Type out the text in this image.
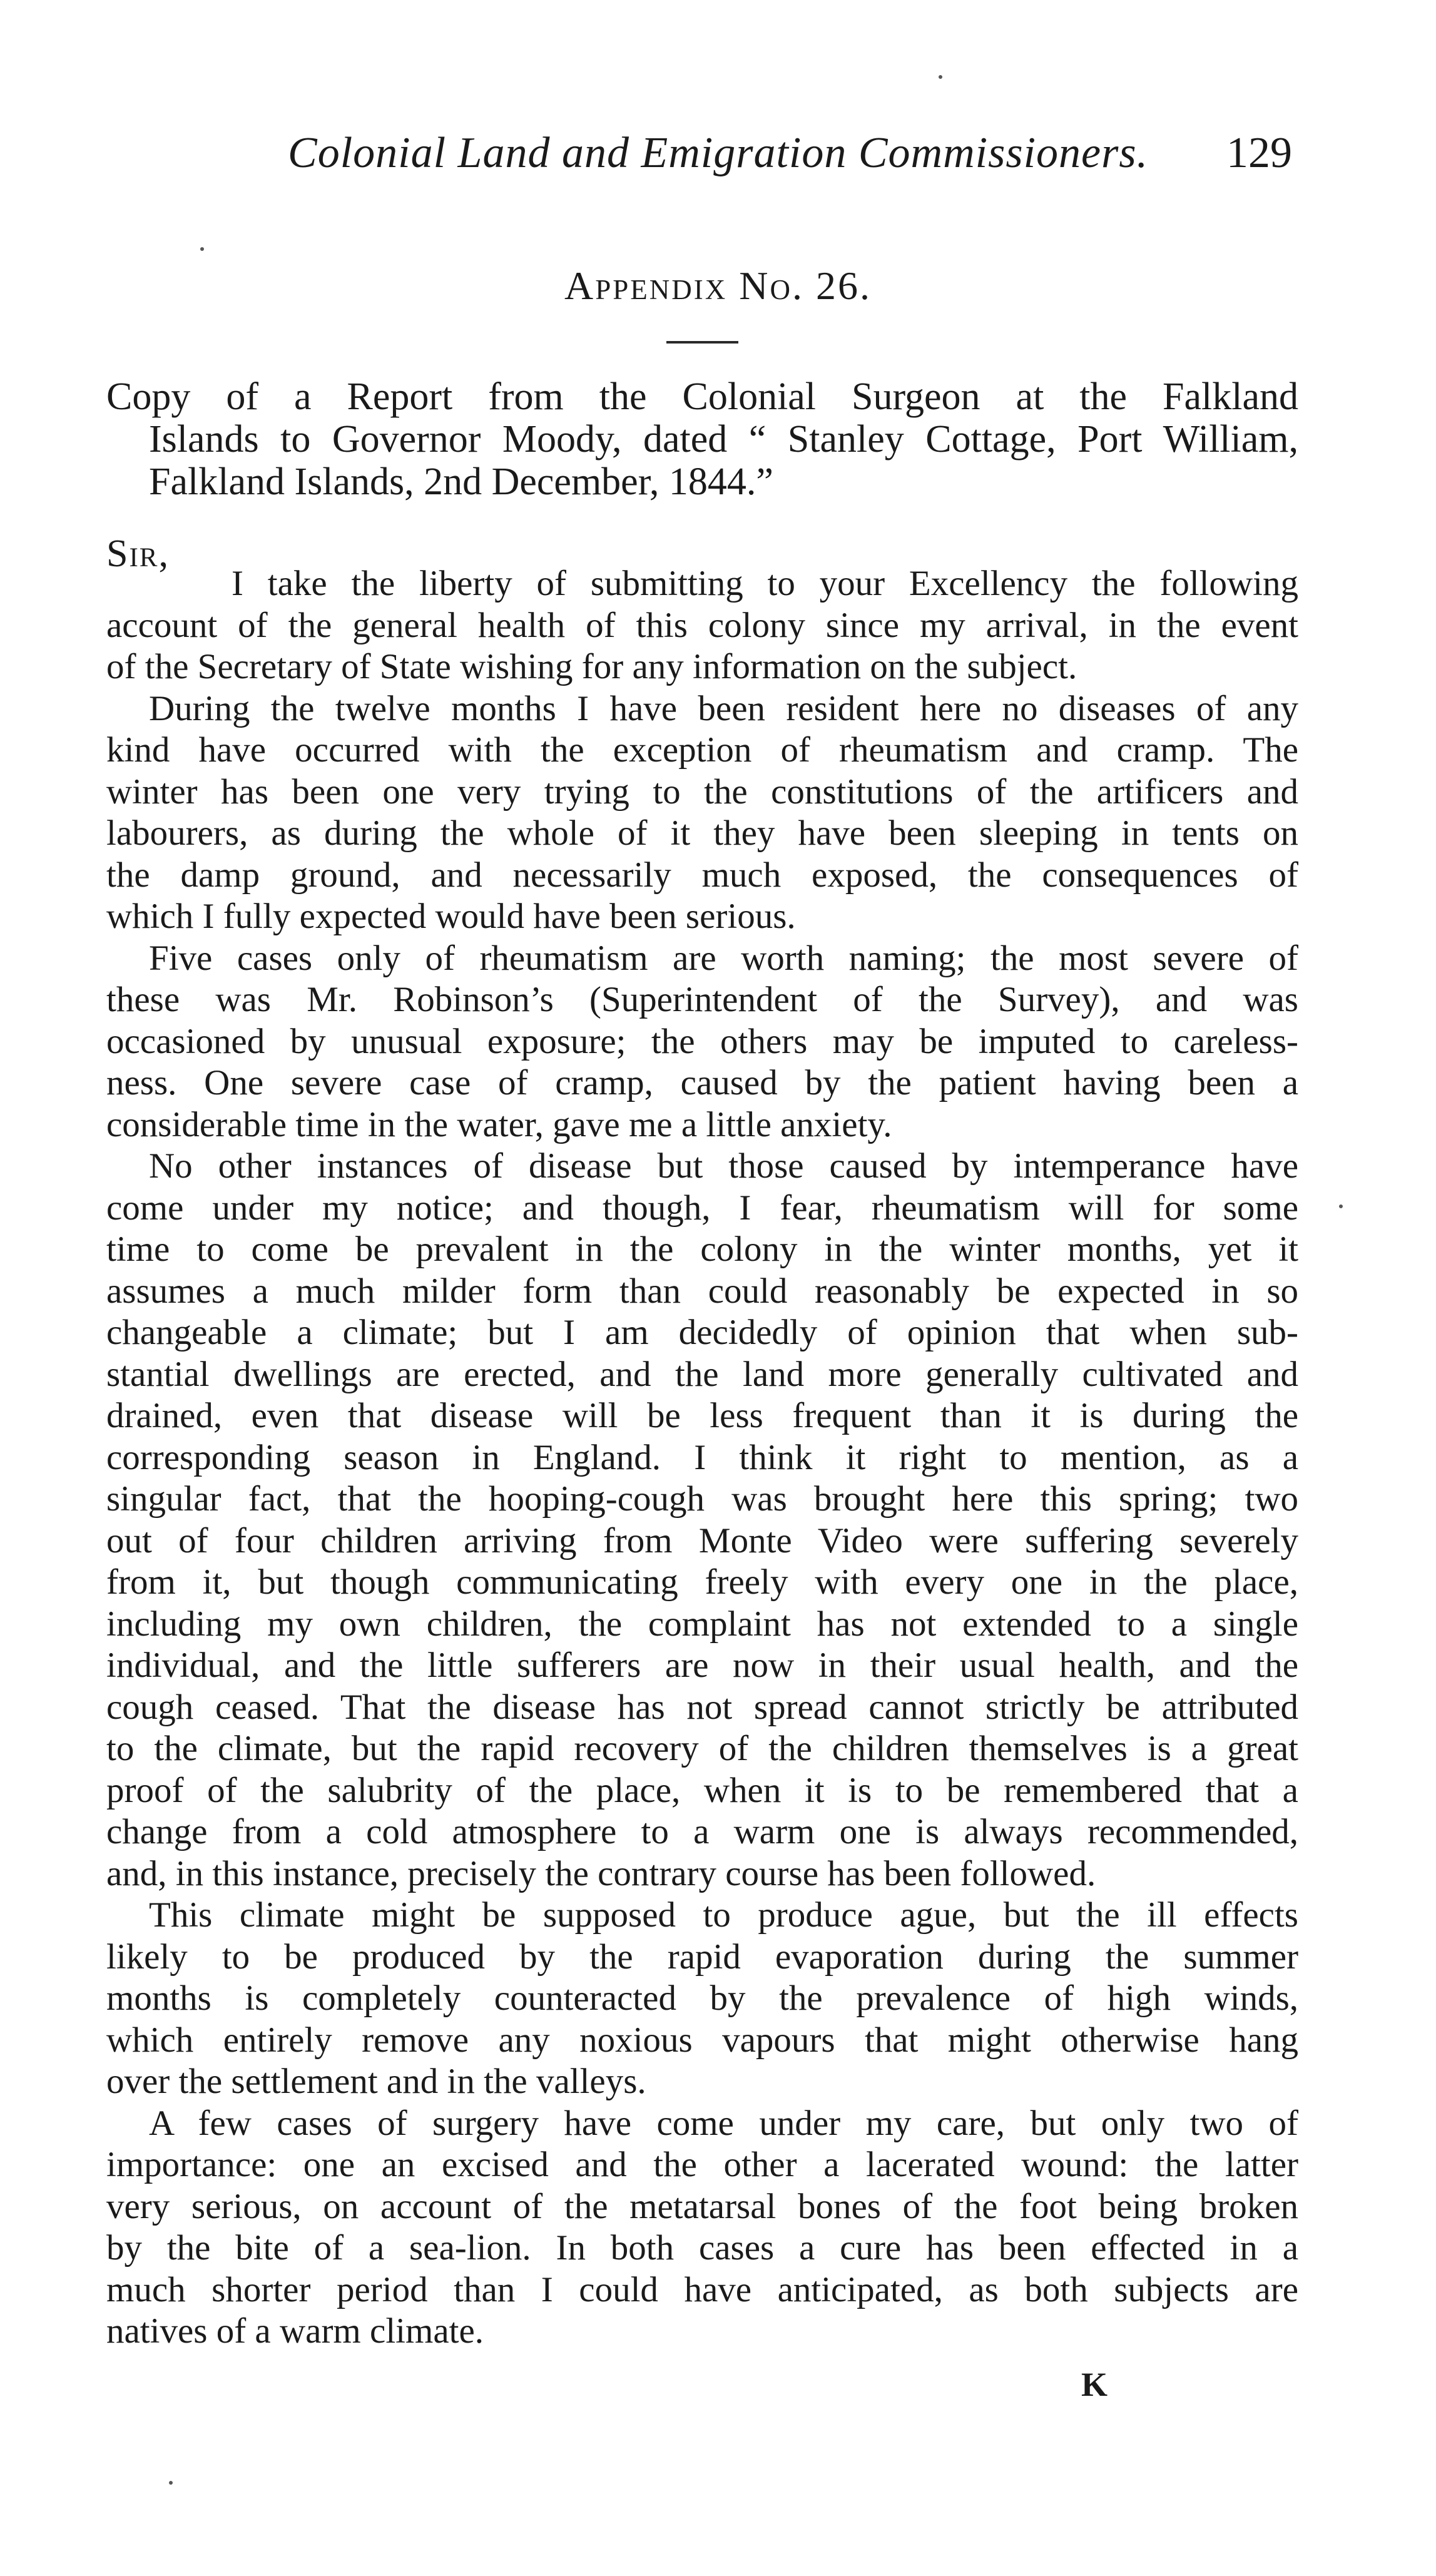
Colonial Land and Emigration Commissioners. 129
Appendix No. 26.
Copy of a Report from the Colonial Surgeon at the Falkland
Islands to Governor Moody, dated “ Stanley Cottage, Port William,
Falkland Islands, 2nd December, 1844.”
Sir,
I take the liberty of submitting to your Excellency the following
account of the general health of this colony since my arrival, in the event
of the Secretary of State wishing for any information on the subject.
During the twelve months I have been resident here no diseases of any
kind have occurred with the exception of rheumatism and cramp. The
winter has been one very trying to the constitutions of the artificers and
labourers, as during the whole of it they have been sleeping in tents on
the damp ground, and necessarily much exposed, the consequences of
which I fully expected would have been serious.
Five cases only of rheumatism are worth naming; the most severe of
these was Mr. Robinson’s (Superintendent of the Survey), and was
occasioned by unusual exposure; the others may be imputed to careless-
ness. One severe case of cramp, caused by the patient having been a
considerable time in the water, gave me a little anxiety.
No other instances of disease but those caused by intemperance have
come under my notice; and though, I fear, rheumatism will for some
time to come be prevalent in the colony in the winter months, yet it
assumes a much milder form than could reasonably be expected in so
changeable a climate; but I am decidedly of opinion that when sub-
stantial dwellings are erected, and the land more generally cultivated and
drained, even that disease will be less frequent than it is during the
corresponding season in England. I think it right to mention, as a
singular fact, that the hooping-cough was brought here this spring; two
out of four children arriving from Monte Video were suffering severely
from it, but though communicating freely with every one in the place,
including my own children, the complaint has not extended to a single
individual, and the little sufferers are now in their usual health, and the
cough ceased. That the disease has not spread cannot strictly be attributed
to the climate, but the rapid recovery of the children themselves is a great
proof of the salubrity of the place, when it is to be remembered that a
change from a cold atmosphere to a warm one is always recommended,
and, in this instance, precisely the contrary course has been followed.
This climate might be supposed to produce ague, but the ill effects
likely to be produced by the rapid evaporation during the summer
months is completely counteracted by the prevalence of high winds,
which entirely remove any noxious vapours that might otherwise hang
over the settlement and in the valleys.
A few cases of surgery have come under my care, but only two of
importance: one an excised and the other a lacerated wound: the latter
very serious, on account of the metatarsal bones of the foot being broken
by the bite of a sea-lion. In both cases a cure has been effected in a
much shorter period than I could have anticipated, as both subjects are
natives of a warm climate.
K
